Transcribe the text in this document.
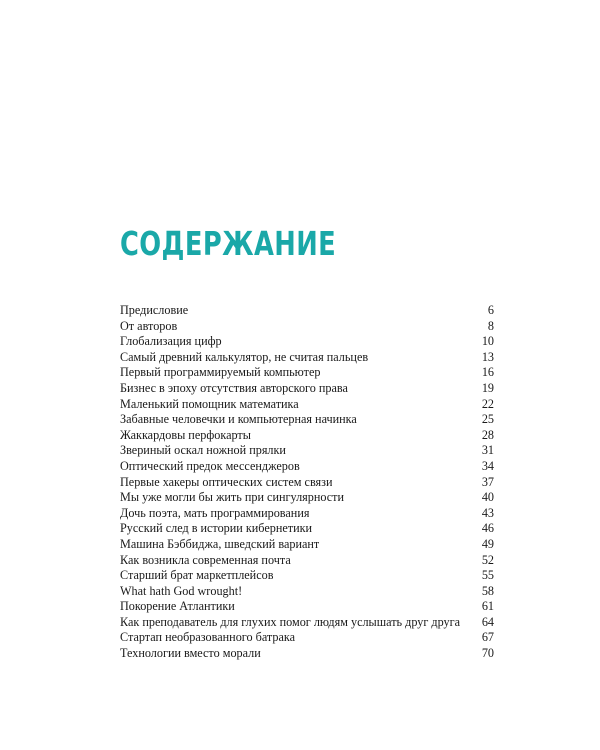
СОДЕРЖАНИЕ
Предисловие	6
От авторов	8
Глобализация цифр	10
Самый древний калькулятор, не считая пальцев	13
Первый программируемый компьютер	16
Бизнес в эпоху отсутствия авторского права	19
Маленький помощник математика	22
Забавные человечки и компьютерная начинка	25
Жаккардовы перфокарты	28
Звериный оскал ножной прялки	31
Оптический предок мессенджеров	34
Первые хакеры оптических систем связи	37
Мы уже могли бы жить при сингулярности	40
Дочь поэта, мать программирования	43
Русский след в истории кибернетики	46
Машина Бэббиджа, шведский вариант	49
Как возникла современная почта	52
Старший брат маркетплейсов	55
What hath God wrought!	58
Покорение Атлантики	61
Как преподаватель для глухих помог людям услышать друг друга	64
Стартап необразованного батрака	67
Технологии вместо морали	70
